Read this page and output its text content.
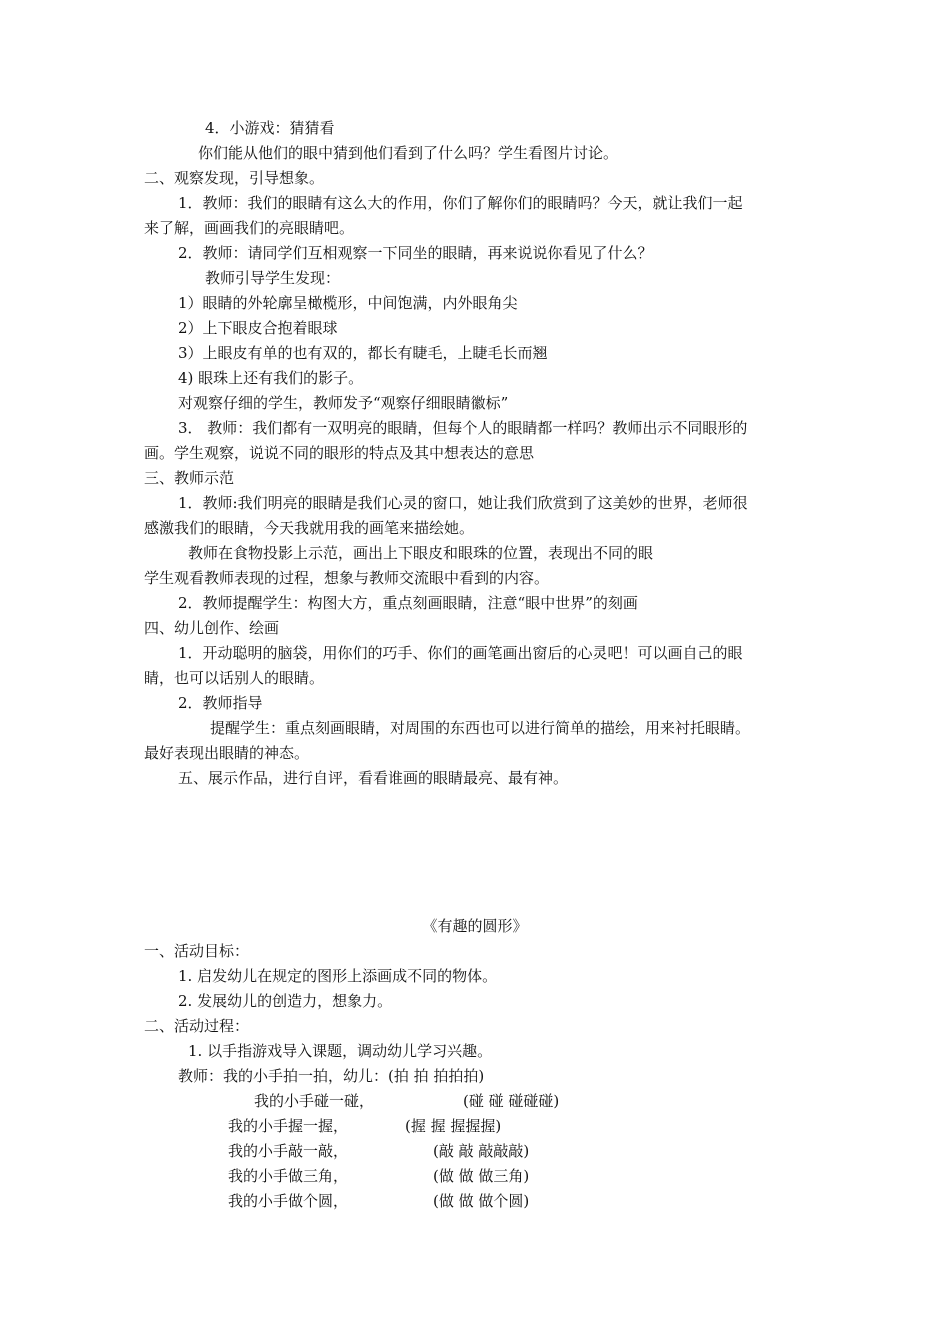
4．小游戏：猜猜看
你们能从他们的眼中猜到他们看到了什么吗？学生看图片讨论。
二、观察发现，引导想象。
1．教师：我们的眼睛有这么大的作用，你们了解你们的眼睛吗？今天，就让我们一起
来了解，画画我们的亮眼睛吧。
2．教师：请同学们互相观察一下同坐的眼睛，再来说说你看见了什么？
教师引导学生发现：
1）眼睛的外轮廓呈橄榄形，中间饱满，内外眼角尖
2）上下眼皮合抱着眼球
3）上眼皮有单的也有双的，都长有睫毛，上睫毛长而翘
4) 眼珠上还有我们的影子。
对观察仔细的学生，教师发予“观察仔细眼睛徽标”
3． 教师：我们都有一双明亮的眼睛，但每个人的眼睛都一样吗？教师出示不同眼形的
画。学生观察，说说不同的眼形的特点及其中想表达的意思
三、教师示范
1．教师:我们明亮的眼睛是我们心灵的窗口，她让我们欣赏到了这美妙的世界，老师很
感激我们的眼睛，今天我就用我的画笔来描绘她。
教师在食物投影上示范，画出上下眼皮和眼珠的位置，表现出不同的眼
学生观看教师表现的过程，想象与教师交流眼中看到的内容。
2．教师提醒学生：构图大方，重点刻画眼睛，注意“眼中世界”的刻画
四、幼儿创作、绘画
1．开动聪明的脑袋，用你们的巧手、你们的画笔画出窗后的心灵吧！可以画自己的眼
睛，也可以话别人的眼睛。
2．教师指导
提醒学生：重点刻画眼睛，对周围的东西也可以进行简单的描绘，用来衬托眼睛。
最好表现出眼睛的神态。
五、展示作品，进行自评，看看谁画的眼睛最亮、最有神。
《有趣的圆形》
一、活动目标：
1. 启发幼儿在规定的图形上添画成不同的物体。
2. 发展幼儿的创造力，想象力。
二、活动过程：
1. 以手指游戏导入课题，调动幼儿学习兴趣。
教师：我的小手拍一拍，幼儿：(拍 拍 拍拍拍)
我的小手碰一碰，	(碰 碰 碰碰碰)
我的小手握一握，	(握 握 握握握)
我的小手敲一敲，	(敲 敲 敲敲敲)
我的小手做三角，	(做 做 做三角)
我的小手做个圆，	(做 做 做个圆)
